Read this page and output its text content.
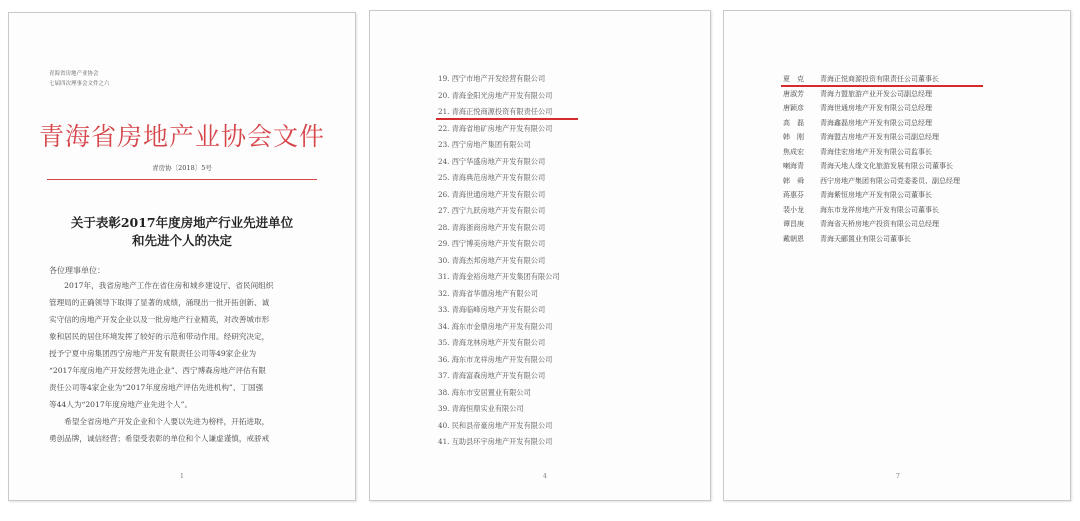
青海省房地产业协会
七届四次理事会文件之六
青海省房地产业协会文件
青房协〔2018〕5号
关于表彰2017年度房地产行业先进单位
和先进个人的决定
各位理事单位：
　　2017年，我省房地产工作在省住房和城乡建设厅、省民间组织
管理局的正确领导下取得了显著的成绩，涌现出一批开拓创新、诚
实守信的房地产开发企业以及一批房地产行业精英，对改善城市形
象和居民的居住环境发挥了较好的示范和带动作用。经研究决定，
授予宁夏中房集团西宁房地产开发有限责任公司等49家企业为
“2017年度房地产开发经营先进企业”、西宁博森房地产评估有限
责任公司等4家企业为“2017年度房地产评估先进机构”、丁国强
等44人为“2017年度房地产业先进个人”。
　　希望全省房地产开发企业和个人要以先进为榜样，开拓进取，
勇创品牌，诚信经营；希望受表彰的单位和个人谦虚谨慎，戒骄戒
1
19. 西宁市地产开发经营有限公司
20. 青海金阳光房地产开发有限公司
21. 青海正悦商源投资有限责任公司
22. 青海省地矿房地产开发有限公司
23. 西宁房地产集团有限公司
24. 西宁华盛房地产开发有限公司
25. 青海典范房地产开发有限公司
26. 青海世通房地产开发有限公司
27. 西宁九跃房地产开发有限公司
28. 青海浙商房地产开发有限公司
29. 西宁博美房地产开发有限公司
30. 青海杰邦房地产开发有限公司
31. 青海金裕房地产开发集团有限公司
32. 青海省华德房地产有限公司
33. 青海临峰房地产开发有限公司
34. 海东市金鼎房地产开发有限公司
35. 青海龙林房地产开发有限公司
36. 海东市龙祥房地产开发有限公司
37. 青海富森房地产开发有限公司
38. 海东市安居置业有限公司
39. 青海恒鼎实业有限公司
40. 民和县帝豪房地产开发有限公司
41. 互助县环宇房地产开发有限公司
4
夏　克	青海正悦商源投资有限责任公司董事长
唐淑芳	青海力盟旅游产业开发公司副总经理
唐颖彦	青海世通房地产开发有限公司总经理
高　磊	青海鑫磊房地产开发有限公司总经理
韩　刚	青海盟吉房地产开发有限公司副总经理
焦成宏	青海佳宏房地产开发有限公司监事长
喇海青	青海天地人缘文化旅游发展有限公司董事长
韩　舜	西宁房地产集团有限公司党委委员、副总经理
蒋惠芬	青海紫恒房地产开发有限公司董事长
裴小龙	海东市龙祥房地产开发有限公司董事长
谭昌庚	青海省天桥房地产投资有限公司总经理
戴朝恩	青海天郦置业有限公司董事长
7
